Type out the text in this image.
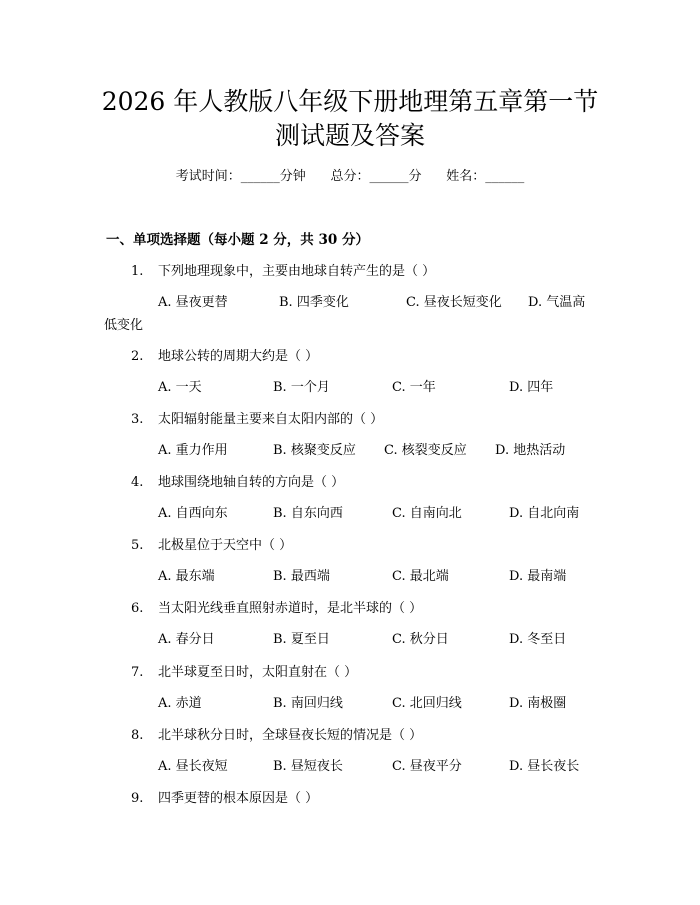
2026 年人教版八年级下册地理第五章第一节
测试题及答案
考试时间：______分钟      总分：______分      姓名：______
一、单项选择题（每小题 2 分，共 30 分）
1. 下列地理现象中，主要由地球自转产生的是（ ）
A. 昼夜更替	B. 四季变化	C. 昼夜长短变化 D. 气温高
低变化
2. 地球公转的周期大约是（ ）
A. 一天	B. 一个月	C. 一年	D. 四年
3. 太阳辐射能量主要来自太阳内部的（ ）
A. 重力作用	B. 核聚变反应 C. 核裂变反应 D. 地热活动
4. 地球围绕地轴自转的方向是（ ）
A. 自西向东	B. 自东向西	C. 自南向北	D. 自北向南
5. 北极星位于天空中（ ）
A. 最东端	B. 最西端	C. 最北端	D. 最南端
6. 当太阳光线垂直照射赤道时，是北半球的（ ）
A. 春分日	B. 夏至日	C. 秋分日	D. 冬至日
7. 北半球夏至日时，太阳直射在（ ）
A. 赤道	B. 南回归线	C. 北回归线	D. 南极圈
8. 北半球秋分日时，全球昼夜长短的情况是（ ）
A. 昼长夜短	B. 昼短夜长	C. 昼夜平分	D. 昼长夜长
9. 四季更替的根本原因是（ ）
